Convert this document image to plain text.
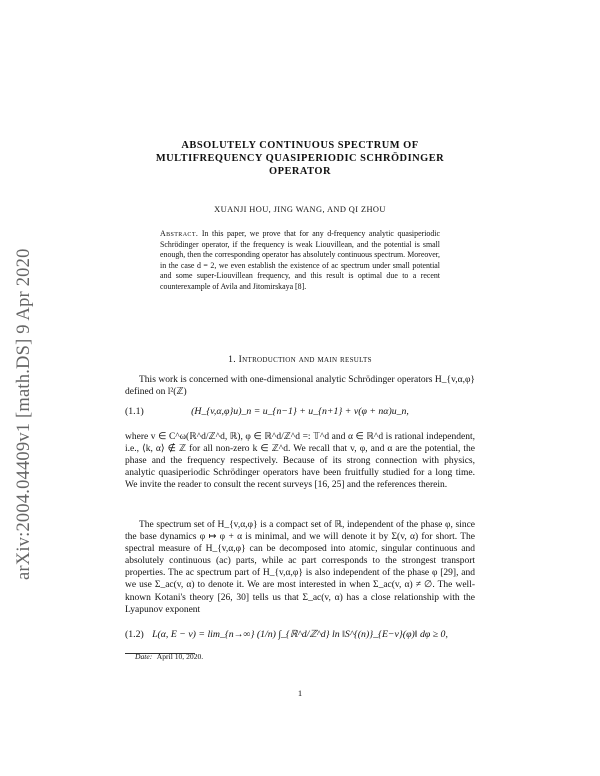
arXiv:2004.04409v1 [math.DS] 9 Apr 2020
ABSOLUTELY CONTINUOUS SPECTRUM OF MULTIFREQUENCY QUASIPERIODIC SCHRÖDINGER OPERATOR
XUANJI HOU, JING WANG, AND QI ZHOU
Abstract. In this paper, we prove that for any d-frequency analytic quasiperiodic Schrödinger operator, if the frequency is weak Liouvillean, and the potential is small enough, then the corresponding operator has absolutely continuous spectrum. Moreover, in the case d = 2, we even establish the existence of ac spectrum under small potential and some super-Liouvillean frequency, and this result is optimal due to a recent counterexample of Avila and Jitomirskaya [8].
1. Introduction and main results
This work is concerned with one-dimensional analytic Schrödinger operators H_{v,α,φ} defined on l²(ℤ)
(1.1)	(H_{v,α,φ}u)_n = u_{n−1} + u_{n+1} + v(φ + nα)u_n,
where v ∈ C^ω(ℝ^d/ℤ^d, ℝ), φ ∈ ℝ^d/ℤ^d =: 𝕋^d and α ∈ ℝ^d is rational independent, i.e., ⟨k, α⟩ ∉ ℤ for all non-zero k ∈ ℤ^d. We recall that v, φ, and α are the potential, the phase and the frequency respectively. Because of its strong connection with physics, analytic quasiperiodic Schrödinger operators have been fruitfully studied for a long time. We invite the reader to consult the recent surveys [16, 25] and the references therein.
The spectrum set of H_{v,α,φ} is a compact set of ℝ, independent of the phase φ, since the base dynamics φ ↦ φ + α is minimal, and we will denote it by Σ(v, α) for short. The spectral measure of H_{v,α,φ} can be decomposed into atomic, singular continuous and absolutely continuous (ac) parts, while ac part corresponds to the strongest transport properties. The ac spectrum part of H_{v,α,φ} is also independent of the phase φ [29], and we use Σ_ac(v, α) to denote it. We are most interested in when Σ_ac(v, α) ≠ ∅. The well-known Kotani's theory [26, 30] tells us that Σ_ac(v, α) has a close relationship with the Lyapunov exponent
(1.2) L(α, E − v) = lim_{n→∞} (1/n) ∫_{ℝ^d/ℤ^d} ln ‖S^{(n)}_{E−v}(φ)‖ dφ ≥ 0,
Date: April 10, 2020.
1
